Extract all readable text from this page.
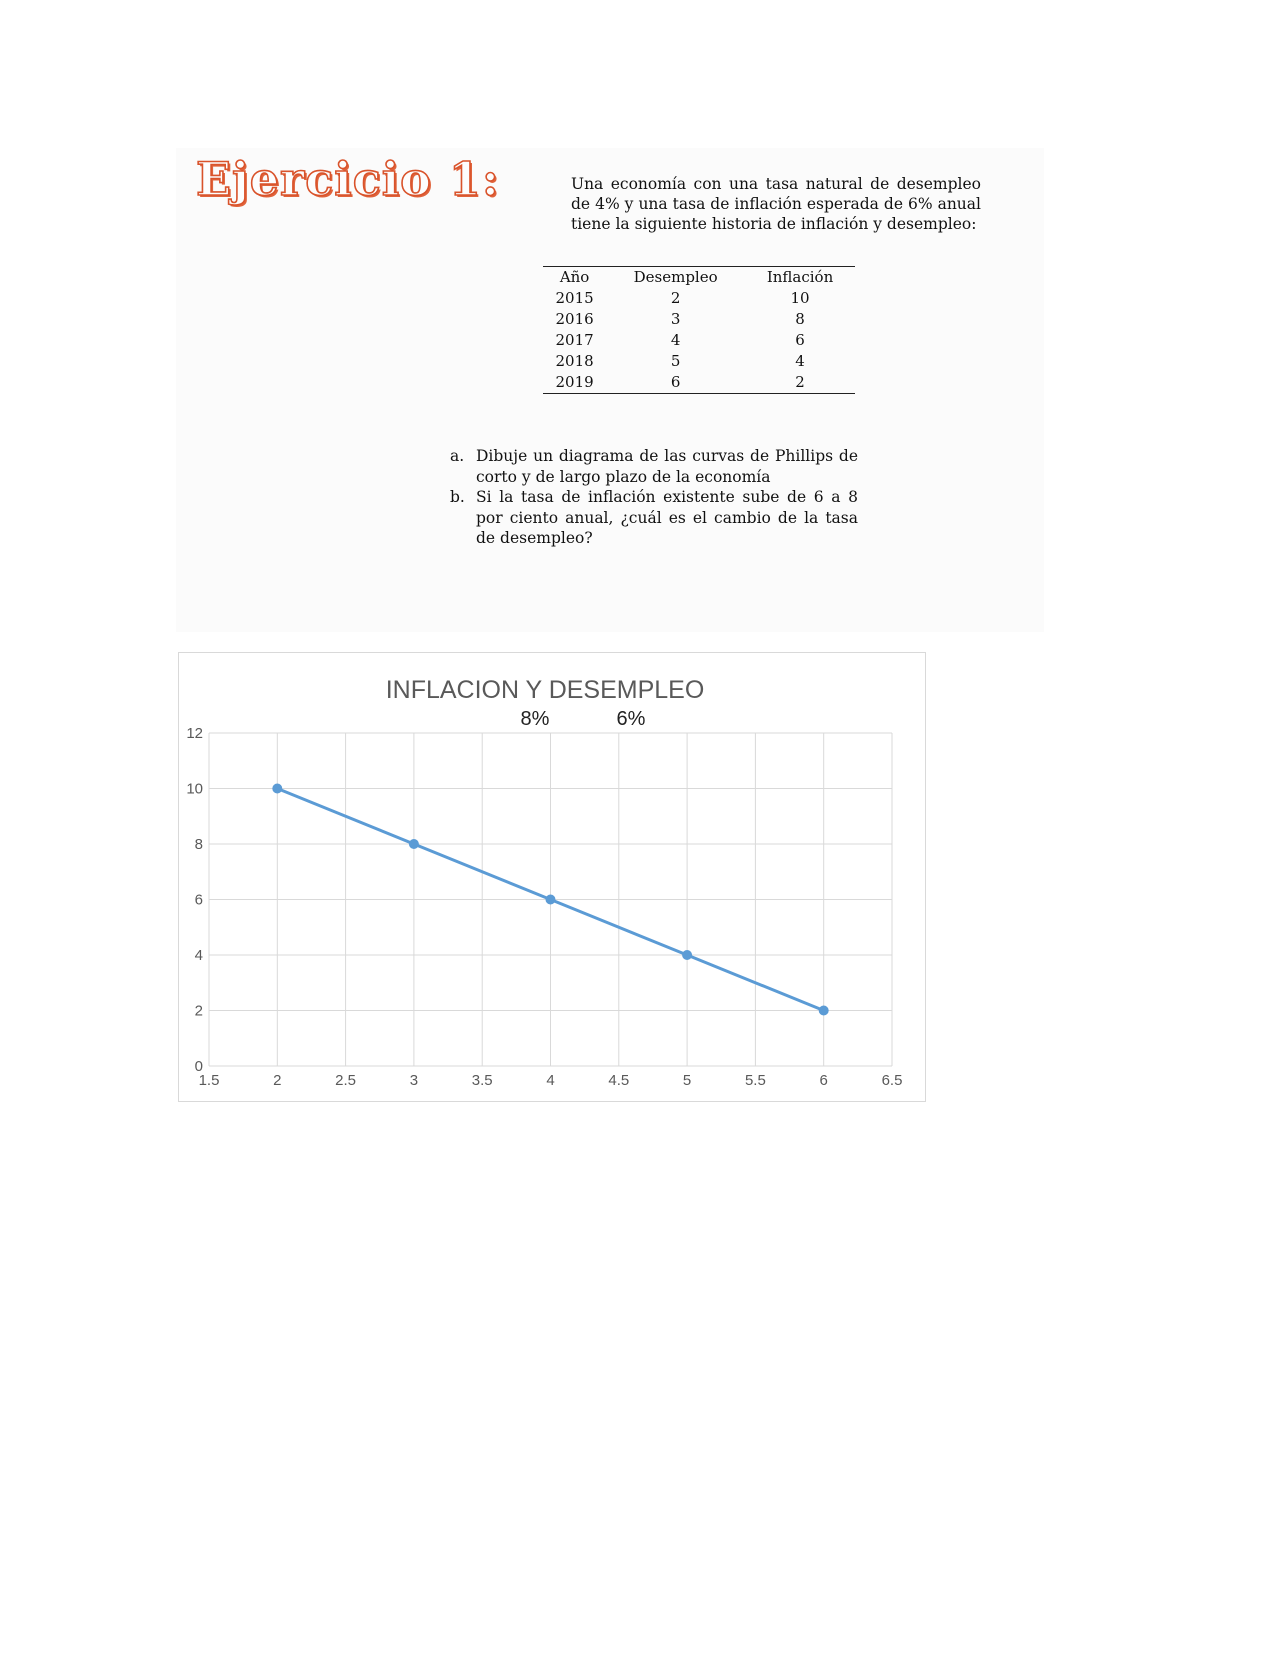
Ejercicio 1:	Una economía con una tasa natural de desempleo de 4% y una tasa de inflación esperada de 6% anual tiene la siguiente historia de inflación y desempleo:
Año	Desempleo	Inflación
2015	2	10
2016	3	8
2017	4	6
2018	5	4
2019	6	2
a. Dibuje un diagrama de las curvas de Phillips de corto y de largo plazo de la economía
b. Si la tasa de inflación existente sube de 6 a 8 por ciento anual, ¿cuál es el cambio de la tasa de desempleo?
INFLACION Y DESEMPLEO
8%	6%
1.5	2	2.5	3	3.5	4	4.5	5	5.5	6	6.5
0
2
4
6
8
10
12
